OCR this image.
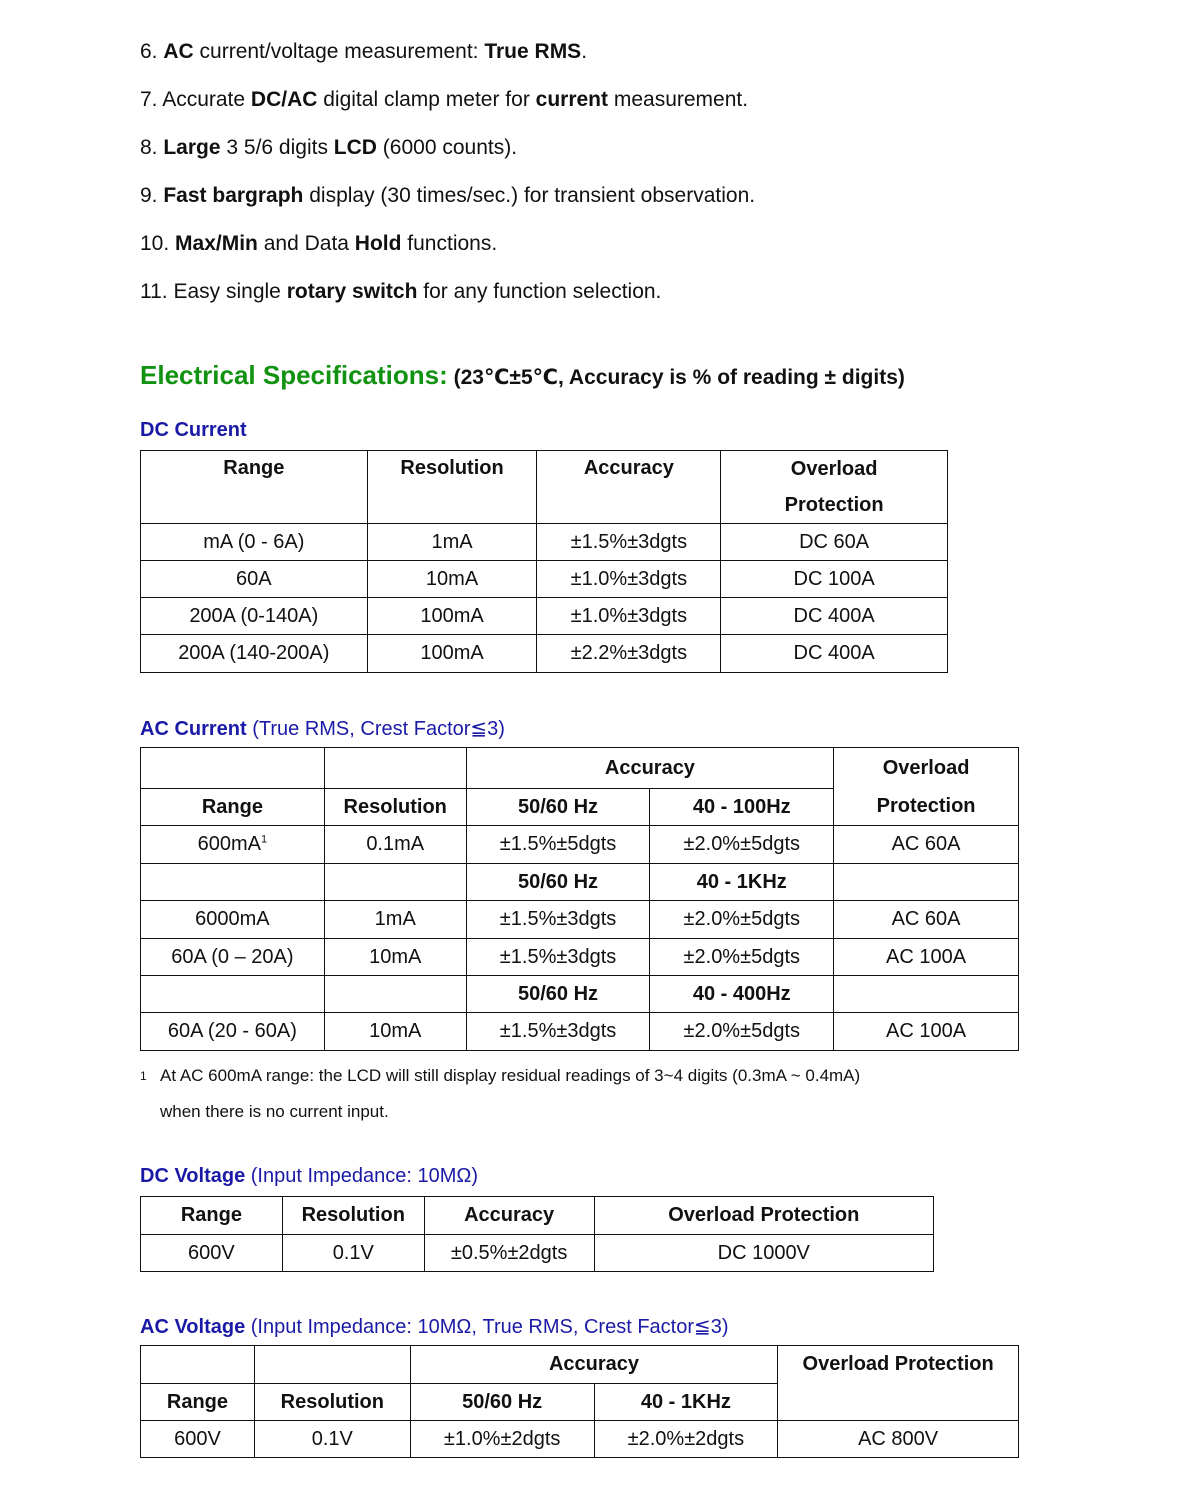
6. AC current/voltage measurement: True RMS.
7. Accurate DC/AC digital clamp meter for current measurement.
8. Large 3 5/6 digits LCD (6000 counts).
9. Fast bargraph display (30 times/sec.) for transient observation.
10. Max/Min and Data Hold functions.
11. Easy single rotary switch for any function selection.
Electrical Specifications: (23℃±5℃, Accuracy is % of reading ± digits)
DC Current
Range	Resolution	Accuracy	Overload
Protection

mA (0 - 6A)	1mA	±1.5%±3dgts	DC 60A
60A	10mA	±1.0%±3dgts	DC 100A
200A (0-140A)	100mA	±1.0%±3dgts	DC 400A
200A (140-200A)	100mA	±2.2%±3dgts	DC 400A
AC Current (True RMS, Crest Factor≦3)
		Accuracy		Overload
Range	Resolution	50/60 Hz	40 - 100Hz	Protection
$600mA^1$	0.1mA	±1.5%±5dgts	±2.0%±5dgts	AC 60A
		50/60 Hz	40 - 1KHz	
6000mA	1mA	±1.5%±3dgts	±2.0%±5dgts	AC 60A
60A (0 – 20A)	10mA	±1.5%±3dgts	±2.0%±5dgts	AC 100A
		50/60 Hz	40 - 400Hz	
60A (20 - 60A)	10mA	±1.5%±3dgts	±2.0%±5dgts	AC 100A
1 At AC 600mA range: the LCD will still display residual readings of 3~4 digits (0.3mA ~ 0.4mA)
when there is no current input.
DC Voltage (Input Impedance: 10MΩ)
Range	Resolution	Accuracy	Overload Protection
600V	0.1V	±0.5%±2dgts	DC 1000V
AC Voltage (Input Impedance: 10MΩ, True RMS, Crest Factor≦3)
		Accuracy		Overload Protection
Range	Resolution	50/60 Hz	40 - 1KHz	
600V	0.1V	±1.0%±2dgts	±2.0%±2dgts	AC 800V
